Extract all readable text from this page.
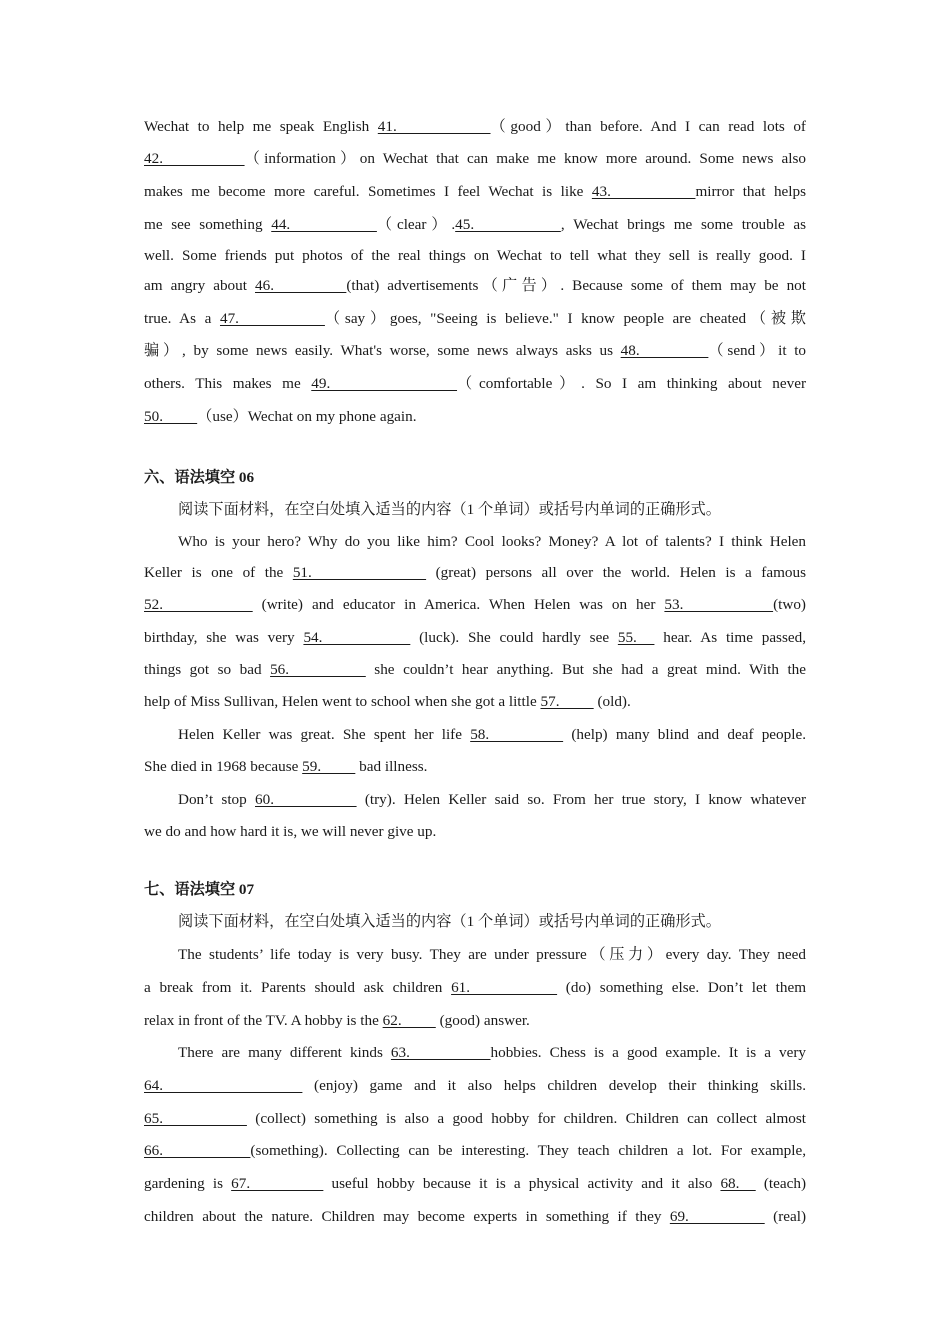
Wechat to help me speak English 41.           （good）than before. And I can read lots of
42.          （information）on Wechat that can make me know more around. Some news also
makes me become more careful. Sometimes I feel Wechat is like 43.          mirror that helps
me see something 44.          （clear）.45.          , Wechat brings me some trouble as
well. Some friends put photos of the real things on Wechat to tell what they sell is really good. I
am angry about 46.         (that) advertisements（广告）. Because some of them may be not
true. As a 47.          （say）goes, "Seeing is believe." I know people are cheated（被欺
骗）, by some news easily. What's worse, some news always asks us 48.         （send）it to
others. This makes me 49.            （comfortable）. So I am thinking about never
50.         （use）Wechat on my phone again.
六、语法填空 06
阅读下面材料，在空白处填入适当的内容（1 个单词）或括号内单词的正确形式。
Who is your hero? Why do you like him? Cool looks? Money? A lot of talents? I think Helen
Keller is one of the 51.             (great) persons all over the world. Helen is a famous
52.           (write) and educator in America. When Helen was on her 53.          (two)
birthday, she was very 54.           (luck). She could hardly see 55.   hear. As time passed,
things got so bad 56.          she couldn’t hear anything. But she had a great mind. With the
help of Miss Sullivan, Helen went to school when she got a little 57.          (old).
Helen Keller was great. She spent her life 58.          (help) many blind and deaf people.
She died in 1968 because 59.          bad illness.
Don’t stop 60.           (try). Helen Keller said so. From her true story, I know whatever
we do and how hard it is, we will never give up.
七、语法填空 07
阅读下面材料，在空白处填入适当的内容（1 个单词）或括号内单词的正确形式。
The students’ life today is very busy. They are under pressure（压力）every day. They need
a break from it. Parents should ask children 61.           (do) something else. Don’t let them
relax in front of the TV. A hobby is the 62.          (good) answer.
There are many different kinds 63.          hobbies. Chess is a good example. It is a very
64.             (enjoy) game and it also helps children develop their thinking skills.
65.           (collect) something is also a good hobby for children. Children can collect almost
66.          (something). Collecting can be interesting. They teach children a lot. For example,
gardening is 67.          useful hobby because it is a physical activity and it also 68.   (teach)
children about the nature. Children may become experts in something if they 69.          (real)
